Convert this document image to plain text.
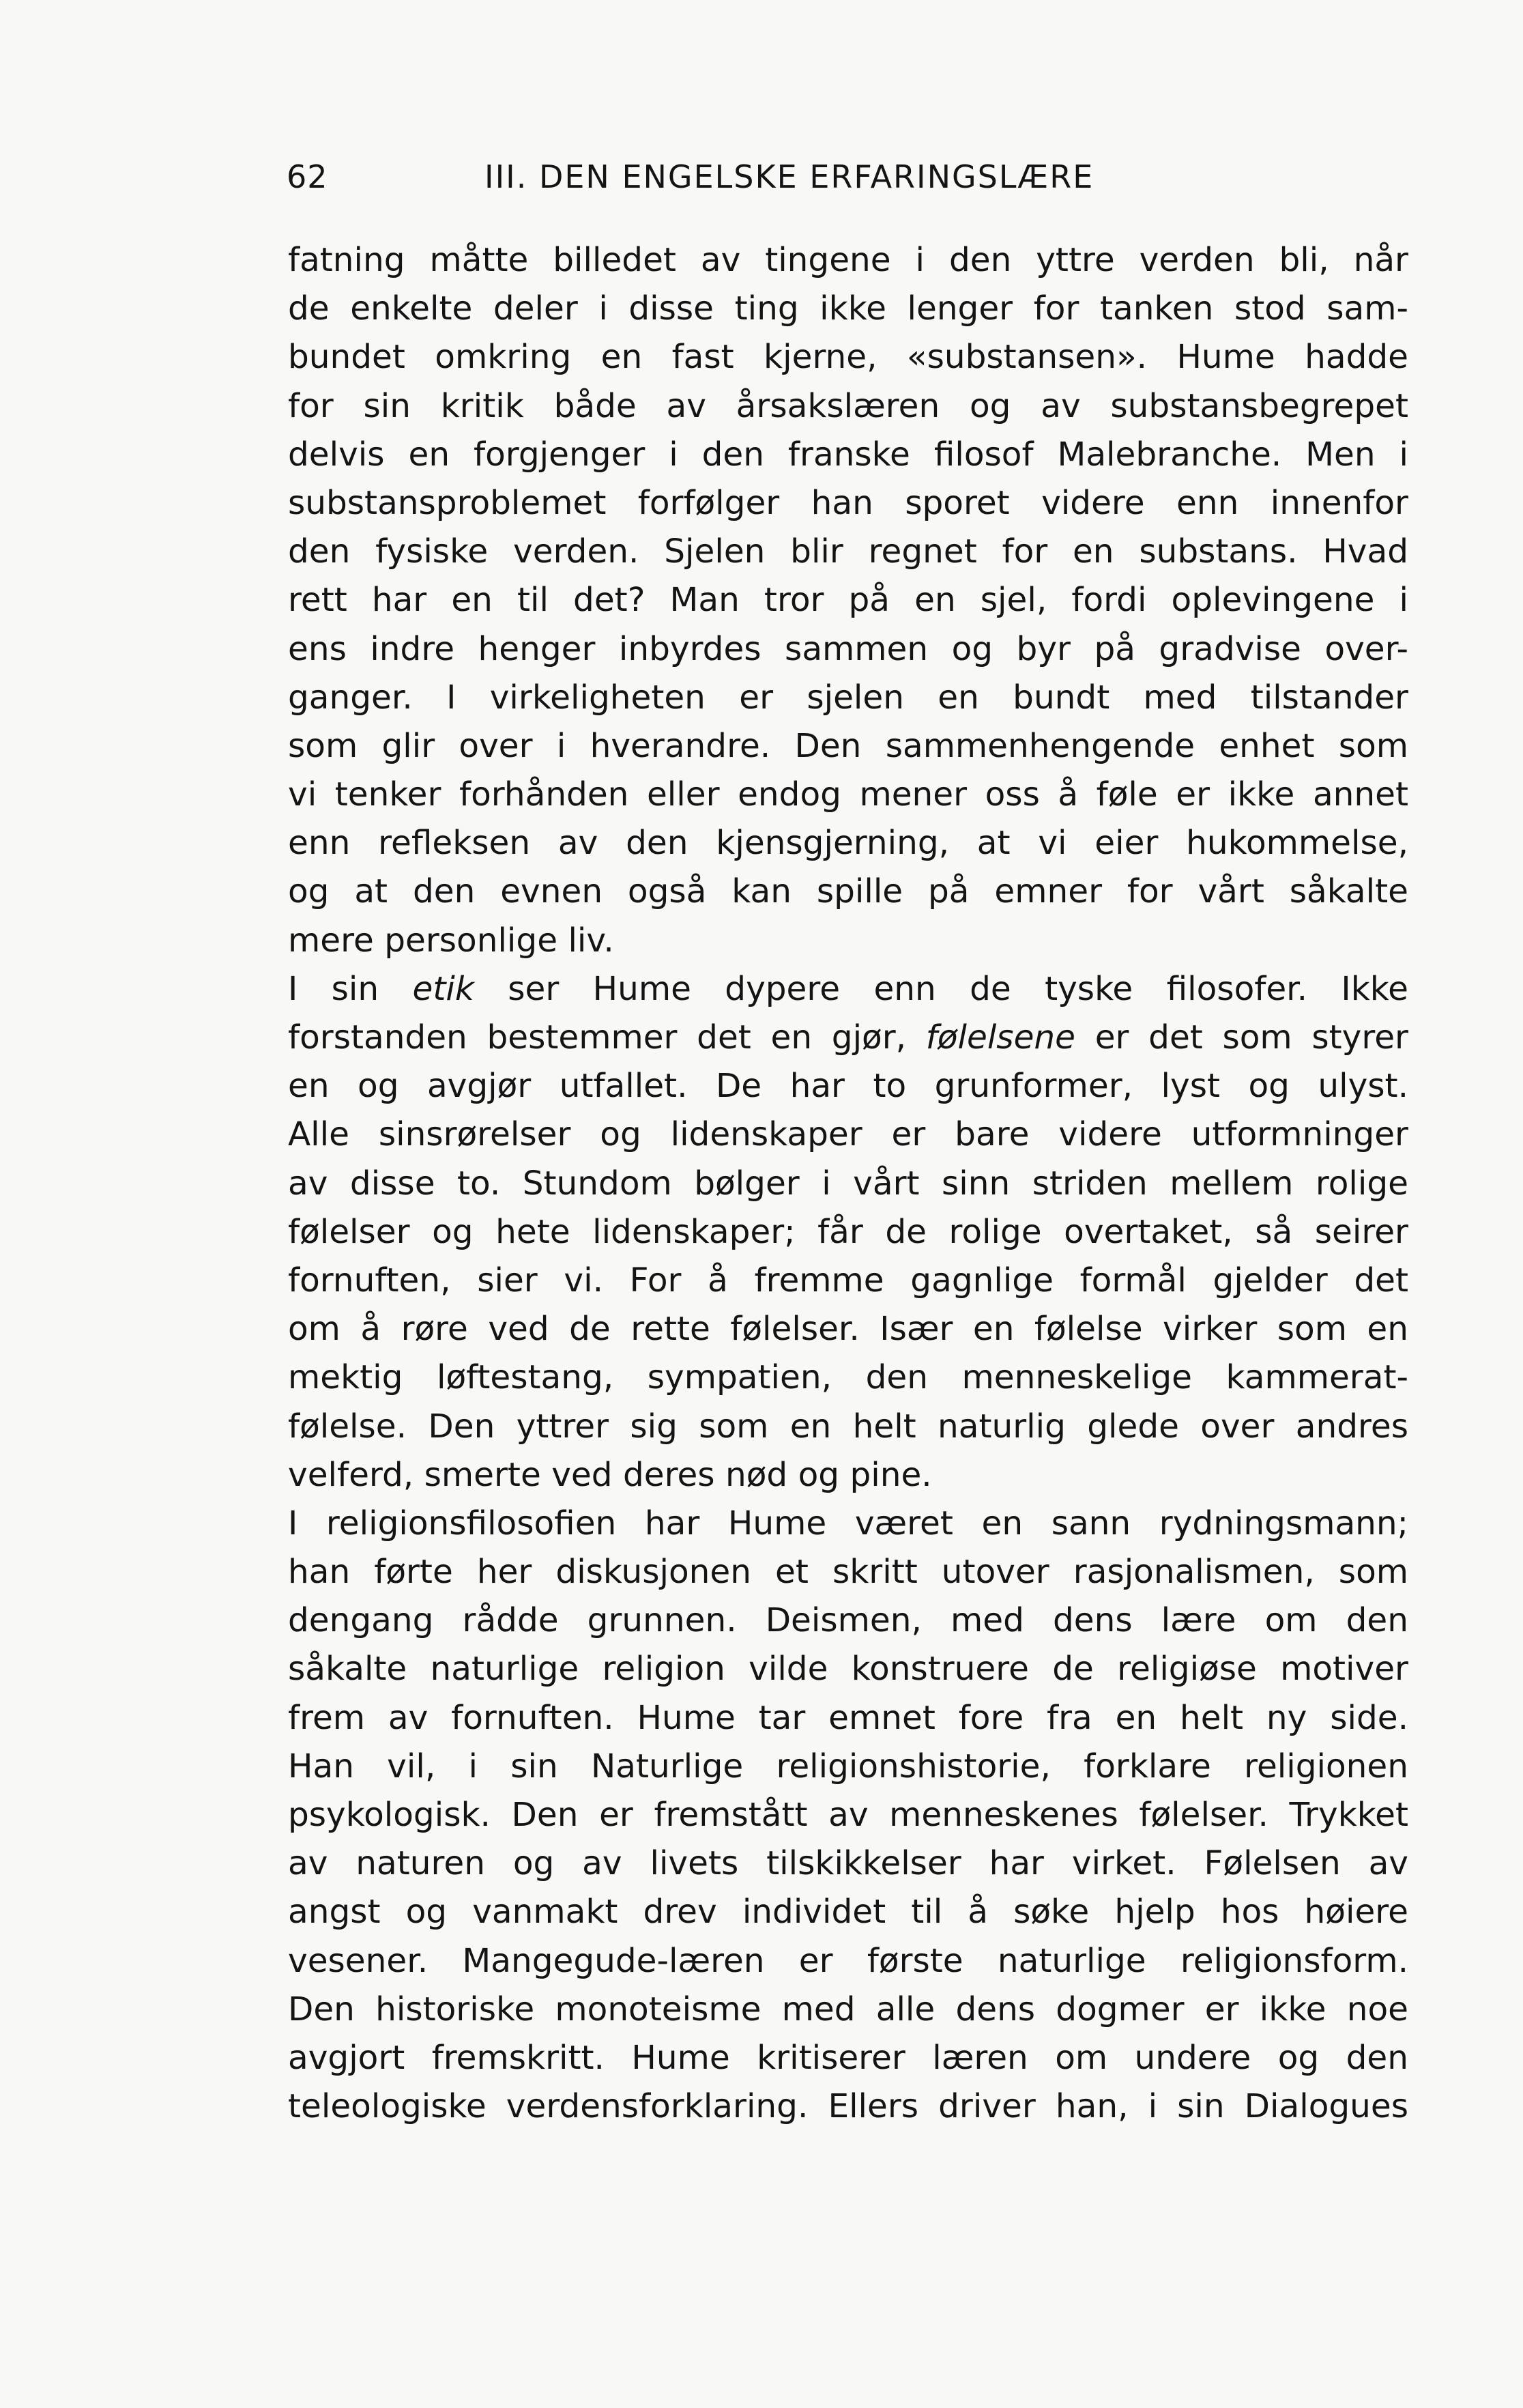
62	III. DEN ENGELSKE ERFARINGSLÆRE
fatning måtte billedet av tingene i den yttre verden bli, når
de enkelte deler i disse ting ikke lenger for tanken stod sam-
bundet omkring en fast kjerne, «substansen». Hume hadde
for sin kritik både av årsakslæren og av substansbegrepet
delvis en forgjenger i den franske filosof Malebranche. Men i
substansproblemet forfølger han sporet videre enn innenfor
den fysiske verden. Sjelen blir regnet for en substans. Hvad
rett har en til det? Man tror på en sjel, fordi oplevingene i
ens indre henger inbyrdes sammen og byr på gradvise over-
ganger. I virkeligheten er sjelen en bundt med tilstander
som glir over i hverandre. Den sammenhengende enhet som
vi tenker forhånden eller endog mener oss å føle er ikke annet
enn refleksen av den kjensgjerning, at vi eier hukommelse,
og at den evnen også kan spille på emner for vårt såkalte
mere personlige liv.
I sin etik ser Hume dypere enn de tyske filosofer. Ikke
forstanden bestemmer det en gjør, følelsene er det som styrer
en og avgjør utfallet. De har to grunformer, lyst og ulyst.
Alle sinsrørelser og lidenskaper er bare videre utformninger
av disse to. Stundom bølger i vårt sinn striden mellem rolige
følelser og hete lidenskaper; får de rolige overtaket, så seirer
fornuften, sier vi. For å fremme gagnlige formål gjelder det
om å røre ved de rette følelser. Især en følelse virker som en
mektig løftestang, sympatien, den menneskelige kammerat-
følelse. Den yttrer sig som en helt naturlig glede over andres
velferd, smerte ved deres nød og pine.
I religionsfilosofien har Hume været en sann rydningsmann;
han førte her diskusjonen et skritt utover rasjonalismen, som
dengang rådde grunnen. Deismen, med dens lære om den
såkalte naturlige religion vilde konstruere de religiøse motiver
frem av fornuften. Hume tar emnet fore fra en helt ny side.
Han vil, i sin Naturlige religionshistorie, forklare religionen
psykologisk. Den er fremstått av menneskenes følelser. Trykket
av naturen og av livets tilskikkelser har virket. Følelsen av
angst og vanmakt drev individet til å søke hjelp hos høiere
vesener. Mangegude-læren er første naturlige religionsform.
Den historiske monoteisme med alle dens dogmer er ikke noe
avgjort fremskritt. Hume kritiserer læren om undere og den
teleologiske verdensforklaring. Ellers driver han, i sin Dialogues
